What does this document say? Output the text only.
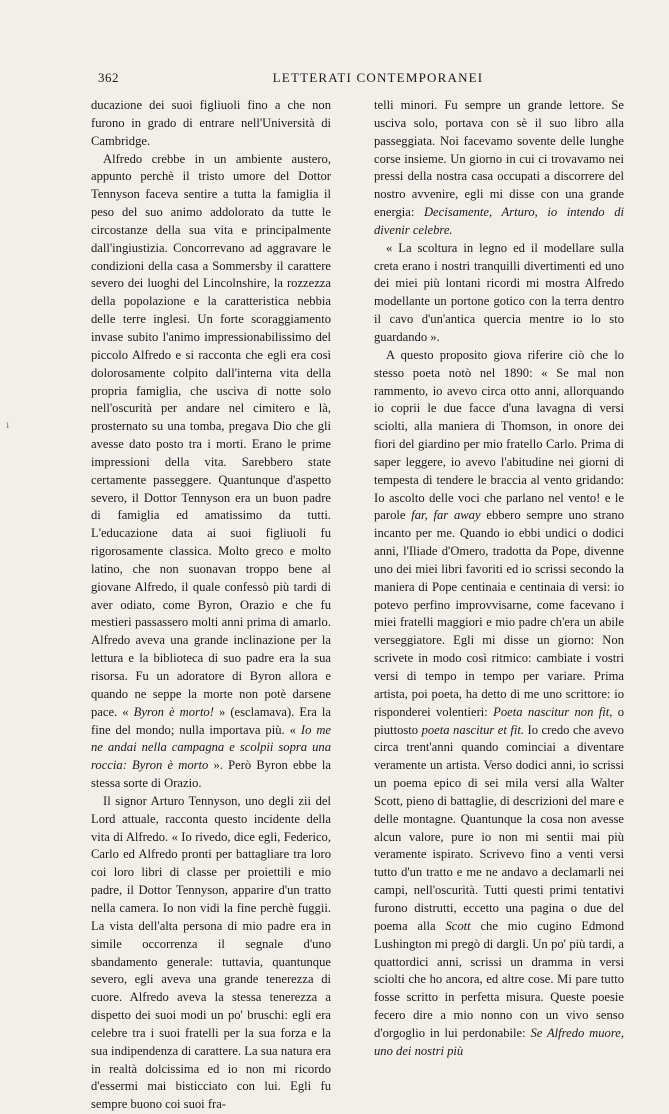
362	LETTERATI CONTEMPORANEI

ducazione dei suoi figliuoli fino a che non furono in grado di entrare nell'Università di Cambridge.

Alfredo crebbe in un ambiente austero, appunto perchè il tristo umore del Dottor Tennyson faceva sentire a tutta la famiglia il peso del suo animo addolorato da tutte le circostanze della sua vita e principalmente dall'ingiustizia. Concorrevano ad aggravare le condizioni della casa a Sommersby il carattere severo dei luoghi del Lincolnshire, la rozzezza della popolazione e la caratteristica nebbia delle terre inglesi. Un forte scoraggiamento invase subito l'animo impressionabilissimo del piccolo Alfredo e si racconta che egli era così dolorosamente colpito dall'interna vita della propria famiglia, che usciva di notte solo nell'oscurità per andare nel cimitero e là, prosternato su una tomba, pregava Dio che gli avesse dato posto tra i morti. Erano le prime impressioni della vita. Sarebbero state certamente passeggere. Quantunque d'aspetto severo, il Dottor Tennyson era un buon padre di famiglia ed amatissimo da tutti. L'educazione data ai suoi figliuoli fu rigorosamente classica. Molto greco e molto latino, che non suonavan troppo bene al giovane Alfredo, il quale confessò più tardi di aver odiato, come Byron, Orazio e che fu mestieri passassero molti anni prima di amarlo. Alfredo aveva una grande inclinazione per la lettura e la biblioteca di suo padre era la sua risorsa. Fu un adoratore di Byron allora e quando ne seppe la morte non potè darsene pace. « Byron è morto! » (esclamava). Era la fine del mondo; nulla importava più. « Io me ne andai nella campagna e scolpii sopra una roccia: Byron è morto ». Però Byron ebbe la stessa sorte di Orazio.

Il signor Arturo Tennyson, uno degli zii del Lord attuale, racconta questo incidente della vita di Alfredo. « Io rivedo, dice egli, Federico, Carlo ed Alfredo pronti per battagliare tra loro coi loro libri di classe per proiettili e mio padre, il Dottor Tennyson, apparire d'un tratto nella camera. Io non vidi la fine perchè fuggii. La vista dell'alta persona di mio padre era in simile occorrenza il segnale d'uno sbandamento generale: tuttavia, quantunque severo, egli aveva una grande tenerezza di cuore. Alfredo aveva la stessa tenerezza a dispetto dei suoi modi un po' bruschi: egli era celebre tra i suoi fratelli per la sua forza e la sua indipendenza di carattere. La sua natura era in realtà dolcissima ed io non mi ricordo d'essermi mai bisticciato con lui. Egli fu sempre buono coi suoi fra-

telli minori. Fu sempre un grande lettore. Se usciva solo, portava con sè il suo libro alla passeggiata. Noi facevamo sovente delle lunghe corse insieme. Un giorno in cui ci trovavamo nei pressi della nostra casa occupati a discorrere del nostro avvenire, egli mi disse con una grande energia: Decisamente, Arturo, io intendo di divenir celebre.

« La scoltura in legno ed il modellare sulla creta erano i nostri tranquilli divertimenti ed uno dei miei più lontani ricordi mi mostra Alfredo modellante un portone gotico con la terra dentro il cavo d'un'antica quercia mentre io lo sto guardando ».

A questo proposito giova riferire ciò che lo stesso poeta notò nel 1890: « Se mal non rammento, io avevo circa otto anni, allorquando io coprii le due facce d'una lavagna di versi sciolti, alla maniera di Thomson, in onore dei fiori del giardino per mio fratello Carlo. Prima di saper leggere, io avevo l'abitudine nei giorni di tempesta di tendere le braccia al vento gridando: Io ascolto delle voci che parlano nel vento! e le parole far, far away ebbero sempre uno strano incanto per me. Quando io ebbi undici o dodici anni, l'Iliade d'Omero, tradotta da Pope, divenne uno dei miei libri favoriti ed io scrissi secondo la maniera di Pope centinaia e centinaia di versi: io potevo perfino improvvisarne, come facevano i miei fratelli maggiori e mio padre ch'era un abile verseggiatore. Egli mi disse un giorno: Non scrivete in modo così ritmico: cambiate i vostri versi di tempo in tempo per variare. Prima artista, poi poeta, ha detto di me uno scrittore: io risponderei volentieri: Poeta nascitur non fit, o piuttosto poeta nascitur et fit. Io credo che avevo circa trent'anni quando cominciai a diventare veramente un artista. Verso dodici anni, io scrissi un poema epico di sei mila versi alla Walter Scott, pieno di battaglie, di descrizioni del mare e delle montagne. Quantunque la cosa non avesse alcun valore, pure io non mi sentii mai più veramente ispirato. Scrivevo fino a venti versi tutto d'un tratto e me ne andavo a declamarli nei campi, nell'oscurità. Tutti questi primi tentativi furono distrutti, eccetto una pagina o due del poema alla Scott che mio cugino Edmond Lushington mi pregò di dargli. Un po' più tardi, a quattordici anni, scrissi un dramma in versi sciolti che ho ancora, ed altre cose. Mi pare tutto fosse scritto in perfetta misura. Queste poesie fecero dire a mio nonno con un vivo senso d'orgoglio in lui perdonabile: Se Alfredo muore, uno dei nostri più

ı
